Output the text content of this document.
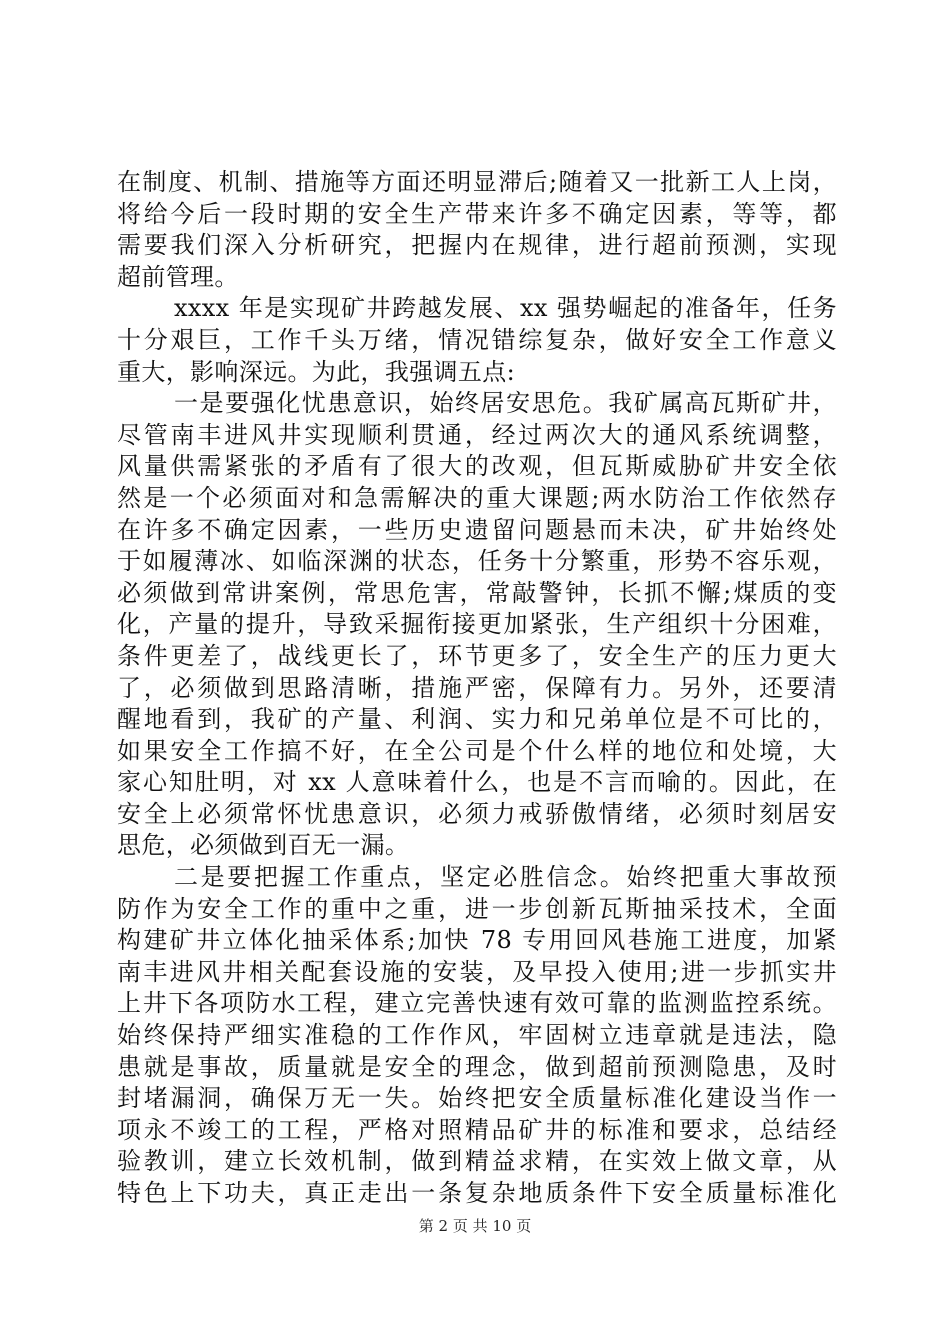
在制度、机制、措施等方面还明显滞后;随着又一批新工人上岗，
将给今后一段时期的安全生产带来许多不确定因素，等等，都
需要我们深入分析研究，把握内在规律，进行超前预测，实现
超前管理。
xxxx 年是实现矿井跨越发展、xx 强势崛起的准备年，任务
十分艰巨，工作千头万绪，情况错综复杂，做好安全工作意义
重大，影响深远。为此，我强调五点:
一是要强化忧患意识，始终居安思危。我矿属高瓦斯矿井，
尽管南丰进风井实现顺利贯通，经过两次大的通风系统调整，
风量供需紧张的矛盾有了很大的改观，但瓦斯威胁矿井安全依
然是一个必须面对和急需解决的重大课题;两水防治工作依然存
在许多不确定因素，一些历史遗留问题悬而未决，矿井始终处
于如履薄冰、如临深渊的状态，任务十分繁重，形势不容乐观，
必须做到常讲案例，常思危害，常敲警钟，长抓不懈;煤质的变
化，产量的提升，导致采掘衔接更加紧张，生产组织十分困难，
条件更差了，战线更长了，环节更多了，安全生产的压力更大
了，必须做到思路清晰，措施严密，保障有力。另外，还要清
醒地看到，我矿的产量、利润、实力和兄弟单位是不可比的，
如果安全工作搞不好，在全公司是个什么样的地位和处境，大
家心知肚明，对 xx 人意味着什么，也是不言而喻的。因此，在
安全上必须常怀忧患意识，必须力戒骄傲情绪，必须时刻居安
思危，必须做到百无一漏。
二是要把握工作重点，坚定必胜信念。始终把重大事故预
防作为安全工作的重中之重，进一步创新瓦斯抽采技术，全面
构建矿井立体化抽采体系;加快 78 专用回风巷施工进度，加紧
南丰进风井相关配套设施的安装，及早投入使用;进一步抓实井
上井下各项防水工程，建立完善快速有效可靠的监测监控系统。
始终保持严细实准稳的工作作风，牢固树立违章就是违法，隐
患就是事故，质量就是安全的理念，做到超前预测隐患，及时
封堵漏洞，确保万无一失。始终把安全质量标准化建设当作一
项永不竣工的工程，严格对照精品矿井的标准和要求，总结经
验教训，建立长效机制，做到精益求精，在实效上做文章，从
特色上下功夫，真正走出一条复杂地质条件下安全质量标准化
第 2 页 共 10 页
